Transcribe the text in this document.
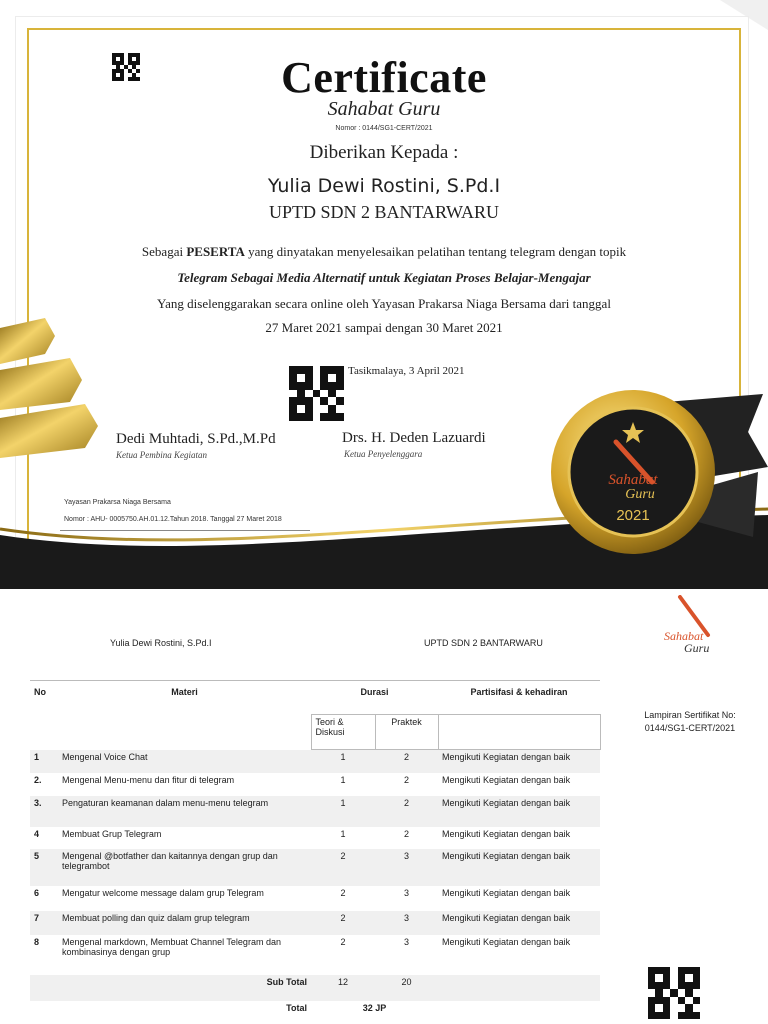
Sahabat
Guru
2021
Certificate
Sahabat Guru
Nomor : 0144/SG1-CERT/2021
Diberikan Kepada :
Yulia Dewi Rostini, S.Pd.I
UPTD SDN 2 BANTARWARU
Sebagai PESERTA yang dinyatakan menyelesaikan pelatihan tentang telegram dengan topik
Telegram Sebagai Media Alternatif untuk Kegiatan Proses Belajar-Mengajar
Yang diselenggarakan secara online oleh Yayasan Prakarsa Niaga Bersama dari tanggal
27 Maret 2021 sampai dengan 30 Maret 2021
Tasikmalaya, 3 April 2021
Dedi Muhtadi, S.Pd.,M.Pd
Ketua Pembina Kegiatan
Drs. H. Deden Lazuardi
Ketua Penyelenggara
Yayasan Prakarsa Niaga Bersama
Nomor : AHU- 0005750.AH.01.12.Tahun 2018. Tanggal 27 Maret 2018
Yulia Dewi Rostini, S.Pd.I	UPTD SDN 2 BANTARWARU	Sahabat
Guru
Lampiran Sertifikat No: 0144/SG1-CERT/2021
No	Materi	Durasi		Partisifasi & kehadiran
		Teori & Diskusi	Praktek	
1	Mengenal Voice Chat	1	2	Mengikuti Kegiatan dengan baik
2.	Mengenal Menu-menu dan fitur di telegram	1	2	Mengikuti Kegiatan dengan baik
3.	Pengaturan keamanan dalam menu-menu telegram	1	2	Mengikuti Kegiatan dengan baik
4	Membuat Grup Telegram	1	2	Mengikuti Kegiatan dengan baik
5	Mengenal @botfather dan kaitannya dengan grup dan telegrambot	2	3	Mengikuti Kegiatan dengan baik
6	Mengatur welcome message dalam grup Telegram	2	3	Mengikuti Kegiatan dengan baik
7	Membuat polling dan quiz dalam grup telegram	2	3	Mengikuti Kegiatan dengan baik
8	Mengenal markdown, Membuat Channel Telegram dan kombinasinya dengan grup	2	3	Mengikuti Kegiatan dengan baik
	Sub Total	12	20	
	Total	32 JP		
